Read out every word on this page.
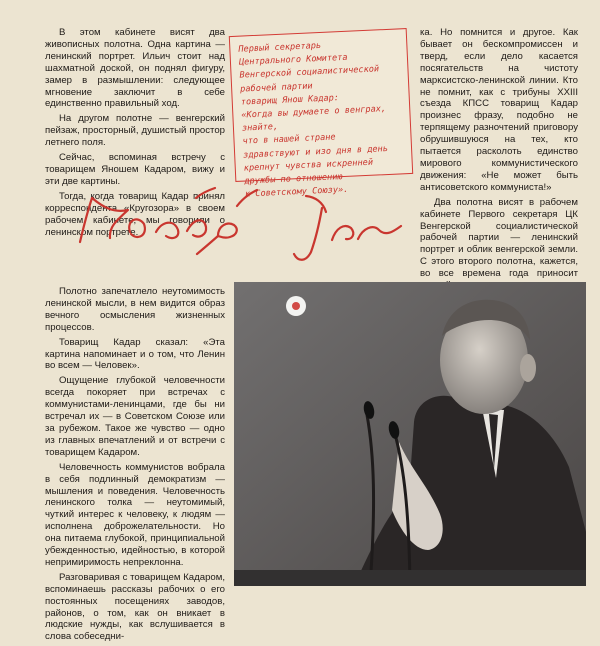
В этом кабинете висят два живописных полотна. Одна картина — ленинский портрет. Ильич стоит над шахматной доской, он поднял фигуру, замер в размышлении: следующее мгновение заключит в себе единственно правильный ход.

На другом полотне — венгерский пейзаж, просторный, душистый простор летнего поля.

Сейчас, вспоминая встречу с товарищем Яношем Кадаром, вижу и эти две картины.

Тогда, когда товарищ Кадар принял корреспондента «Кругозора» в своем рабочем кабинете, мы говорили о ленинском портрете.

Первый секретарь
Центрального Комитета
Венгерской социалистической
рабочей партии
товарищ Янош Кадар:
«Когда вы думаете о венграх,
знайте,
что в нашей стране
здравствуют и изо дня в день
крепнут чувства искренней
дружбы по отношению
к Советскому Союзу».

ка. Но помнится и другое. Как бывает он бескомпромиссен и тверд, если дело касается посягательств на чистоту марксистско-ленинской линии. Кто не помнит, как с трибуны XXIII съезда КПСС товарищ Кадар произнес фразу, подобно не терпящему разночтений приговору обрушившуюся на тех, кто пытается расколоть единство мирового коммунистического движения: «Не может быть антисоветского коммуниста!»

Два полотна висят в рабочем кабинете Первого секретаря ЦК Венгерской социалистической рабочей партии — ленинский портрет и облик венгерской земли. С этого второго полотна, кажется, во все времена года приносит

Полотно запечатлело неутомимость ленинской мысли, в нем видится образ вечного осмысления жизненных процессов.

Товарищ Кадар сказал: «Эта картина напоминает и о том, что Ленин во всем — Человек».

Ощущение глубокой человечности всегда покоряет при встречах с коммунистами-ленинцами, где бы ни встречал их — в Советском Союзе или за рубежом. Такое же чувство — одно из главных впечатлений и от встречи с товарищем Кадаром.

Человечность коммунистов вобрала в себя подлинный демократизм — мышления и поведения. Человечность ленинского толка — неутомимый, чуткий интерес к человеку, к людям — исполнена доброжелательности. Но она питаема глубокой, принципиальной убежденностью, идейностью, в которой непримиримость непреклонна.

Разговаривая с товарищем Кадаром, вспоминаешь рассказы рабочих о его постоянных посещениях заводов, районов, о том, как он вникает в людские нужды, как вслушивается в слова собеседни-
